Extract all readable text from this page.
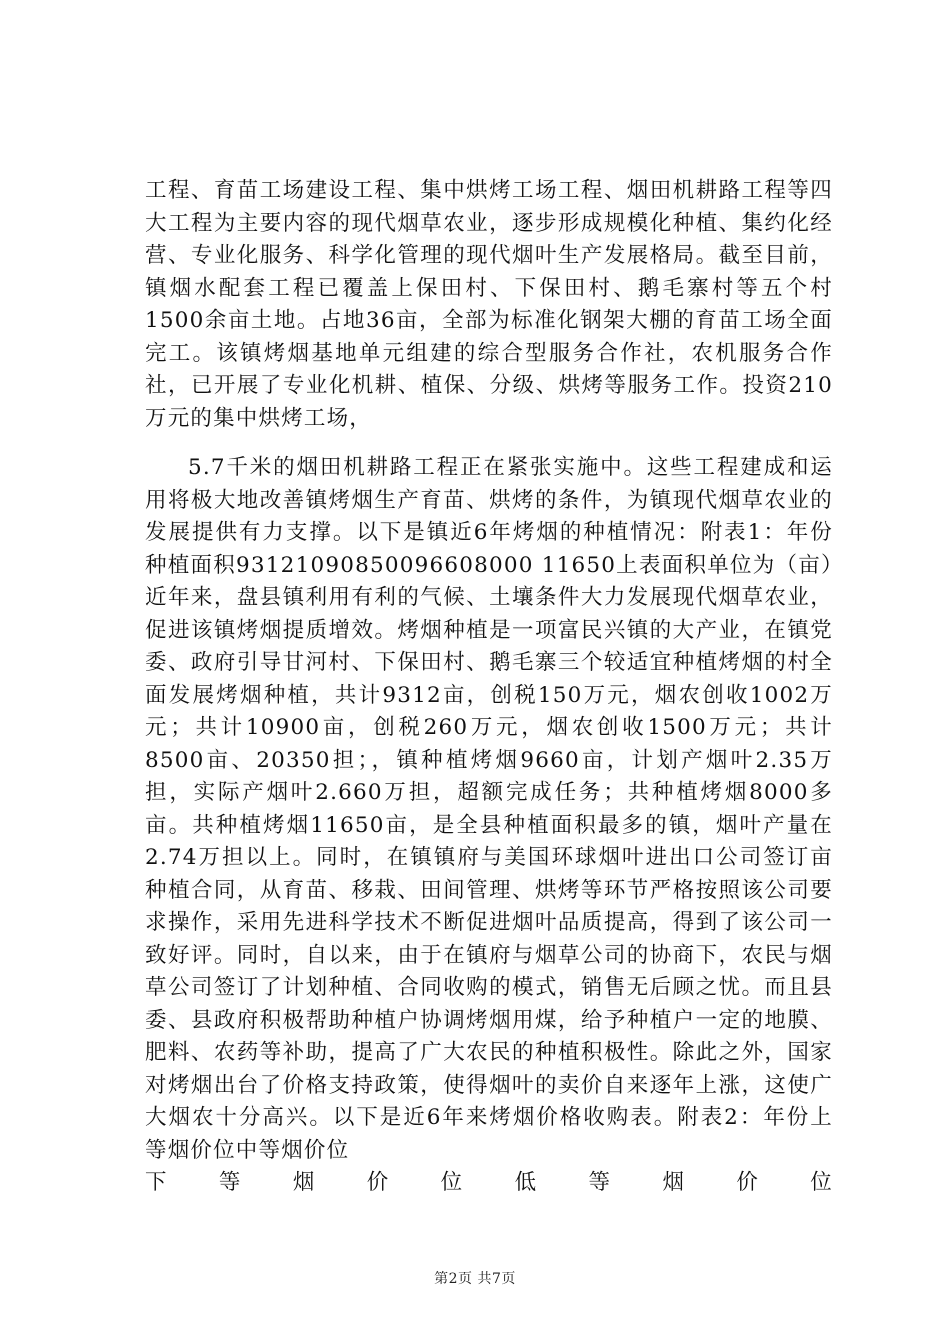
工程、育苗工场建设工程、集中烘烤工场工程、烟田机耕路工程等四大工程为主要内容的现代烟草农业，逐步形成规模化种植、集约化经营、专业化服务、科学化管理的现代烟叶生产发展格局。截至目前，镇烟水配套工程已覆盖上保田村、下保田村、鹅毛寨村等五个村1500余亩土地。占地36亩，全部为标准化钢架大棚的育苗工场全面完工。该镇烤烟基地单元组建的综合型服务合作社，农机服务合作社，已开展了专业化机耕、植保、分级、烘烤等服务工作。投资210万元的集中烘烤工场，

5.7千米的烟田机耕路工程正在紧张实施中。这些工程建成和运用将极大地改善镇烤烟生产育苗、烘烤的条件，为镇现代烟草农业的发展提供有力支撑。以下是镇近6年烤烟的种植情况：附表1：年份种植面积93121090850096608000 11650上表面积单位为（亩）近年来，盘县镇利用有利的气候、土壤条件大力发展现代烟草农业，促进该镇烤烟提质增效。烤烟种植是一项富民兴镇的大产业，在镇党委、政府引导甘河村、下保田村、鹅毛寨三个较适宜种植烤烟的村全面发展烤烟种植，共计9312亩，创税150万元，烟农创收1002万元；共计10900亩，创税260万元，烟农创收1500万元；共计8500亩、20350担；，镇种植烤烟9660亩，计划产烟叶2.35万担，实际产烟叶2.660万担，超额完成任务；共种植烤烟8000多亩。共种植烤烟11650亩，是全县种植面积最多的镇，烟叶产量在2.74万担以上。同时，在镇镇府与美国环球烟叶进出口公司签订亩种植合同，从育苗、移栽、田间管理、烘烤等环节严格按照该公司要求操作，采用先进科学技术不断促进烟叶品质提高，得到了该公司一致好评。同时，自以来，由于在镇府与烟草公司的协商下，农民与烟草公司签订了计划种植、合同收购的模式，销售无后顾之忧。而且县委、县政府积极帮助种植户协调烤烟用煤，给予种植户一定的地膜、肥料、农药等补助，提高了广大农民的种植积极性。除此之外，国家对烤烟出台了价格支持政策，使得烟叶的卖价自来逐年上涨，这使广大烟农十分高兴。以下是近6年来烤烟价格收购表。附表2：年份上等烟价位中等烟价位
下 等 烟 价 位 低 等 烟 价 位

第2页 共7页
